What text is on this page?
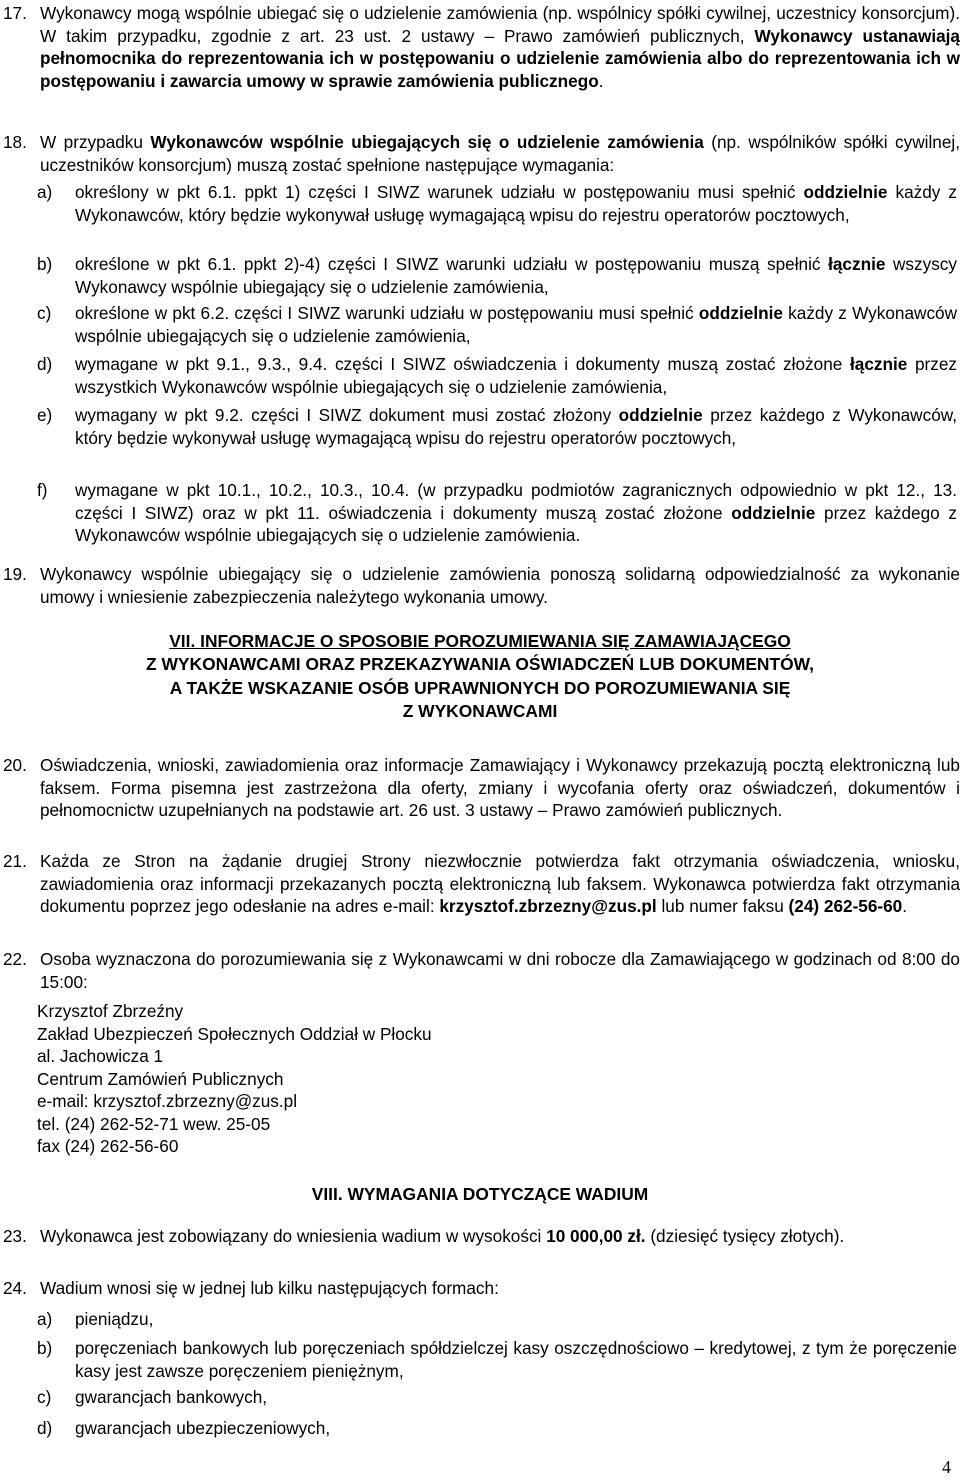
17. Wykonawcy mogą wspólnie ubiegać się o udzielenie zamówienia (np. wspólnicy spółki cywilnej, uczestnicy konsorcjum). W takim przypadku, zgodnie z art. 23 ust. 2 ustawy – Prawo zamówień publicznych, Wykonawcy ustanawiają pełnomocnika do reprezentowania ich w postępowaniu o udzielenie zamówienia albo do reprezentowania ich w postępowaniu i zawarcia umowy w sprawie zamówienia publicznego.

18. W przypadku Wykonawców wspólnie ubiegających się o udzielenie zamówienia (np. wspólników spółki cywilnej, uczestników konsorcjum) muszą zostać spełnione następujące wymagania:

a)	określony w pkt 6.1. ppkt 1) części I SIWZ warunek udziału w postępowaniu musi spełnić oddzielnie każdy z Wykonawców, który będzie wykonywał usługę wymagającą wpisu do rejestru operatorów pocztowych,

b)	określone w pkt 6.1. ppkt 2)-4) części I SIWZ warunki udziału w postępowaniu muszą spełnić łącznie wszyscy Wykonawcy wspólnie ubiegający się o udzielenie zamówienia,

c)	określone w pkt 6.2. części I SIWZ warunki udziału w postępowaniu musi spełnić oddzielnie każdy z Wykonawców wspólnie ubiegających się o udzielenie zamówienia,

d)	wymagane w pkt 9.1., 9.3., 9.4. części I SIWZ oświadczenia i dokumenty muszą zostać złożone łącznie przez wszystkich Wykonawców wspólnie ubiegających się o udzielenie zamówienia,

e)	wymagany w pkt 9.2. części I SIWZ dokument musi zostać złożony oddzielnie przez każdego z Wykonawców, który będzie wykonywał usługę wymagającą wpisu do rejestru operatorów pocztowych,

f)	wymagane w pkt 10.1., 10.2., 10.3., 10.4. (w przypadku podmiotów zagranicznych odpowiednio w pkt 12., 13. części I SIWZ) oraz w pkt 11. oświadczenia i dokumenty muszą zostać złożone oddzielnie przez każdego z Wykonawców wspólnie ubiegających się o udzielenie zamówienia.

19. Wykonawcy wspólnie ubiegający się o udzielenie zamówienia ponoszą solidarną odpowiedzialność za wykonanie umowy i wniesienie zabezpieczenia należytego wykonania umowy.

VII. INFORMACJE O SPOSOBIE POROZUMIEWANIA SIĘ ZAMAWIAJĄCEGO
Z WYKONAWCAMI ORAZ PRZEKAZYWANIA OŚWIADCZEŃ LUB DOKUMENTÓW,
A TAKŻE WSKAZANIE OSÓB UPRAWNIONYCH DO POROZUMIEWANIA SIĘ
Z WYKONAWCAMI
20. Oświadczenia, wnioski, zawiadomienia oraz informacje Zamawiający i Wykonawcy przekazują pocztą elektroniczną lub faksem. Forma pisemna jest zastrzeżona dla oferty, zmiany i wycofania oferty oraz oświadczeń, dokumentów i pełnomocnictw uzupełnianych na podstawie art. 26 ust. 3 ustawy – Prawo zamówień publicznych.

21. Każda ze Stron na żądanie drugiej Strony niezwłocznie potwierdza fakt otrzymania oświadczenia, wniosku, zawiadomienia oraz informacji przekazanych pocztą elektroniczną lub faksem. Wykonawca potwierdza fakt otrzymania dokumentu poprzez jego odesłanie na adres e-mail: krzysztof.zbrzezny@zus.pl lub numer faksu (24) 262-56-60.

22. Osoba wyznaczona do porozumiewania się z Wykonawcami w dni robocze dla Zamawiającego w godzinach od 8:00 do 15:00:

Krzysztof Zbrzeźny

Zakład Ubezpieczeń Społecznych Oddział w Płocku

al. Jachowicza 1

Centrum Zamówień Publicznych

e-mail: krzysztof.zbrzezny@zus.pl

tel. (24) 262-52-71 wew. 25-05

fax (24) 262-56-60

VIII. WYMAGANIA DOTYCZĄCE WADIUM
23. Wykonawca jest zobowiązany do wniesienia wadium w wysokości 10 000,00 zł. (dziesięć tysięcy złotych).

24. Wadium wnosi się w jednej lub kilku następujących formach:

a)	pieniądzu,

b)	poręczeniach bankowych lub poręczeniach spółdzielczej kasy oszczędnościowo – kredytowej, z tym że poręczenie kasy jest zawsze poręczeniem pieniężnym,

c)	gwarancjach bankowych,

d)	gwarancjach ubezpieczeniowych,

4
